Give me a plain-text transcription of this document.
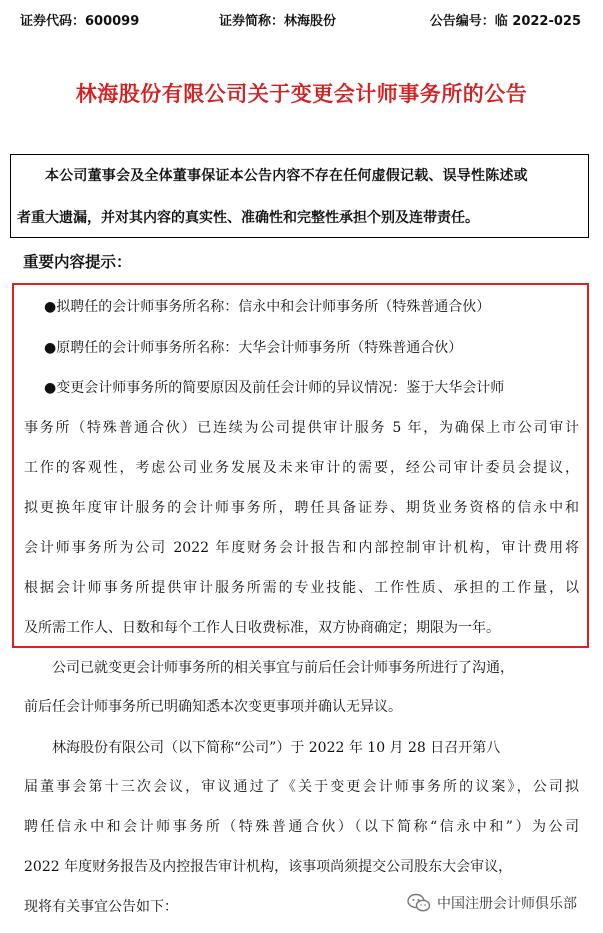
证券代码：600099	证券简称：林海股份	公告编号：临 2022-025
林海股份有限公司关于变更会计师事务所的公告
本公司董事会及全体董事保证本公告内容不存在任何虚假记载、误导性陈述或
者重大遗漏，并对其内容的真实性、准确性和完整性承担个别及连带责任。
重要内容提示：
●拟聘任的会计师事务所名称：信永中和会计师事务所（特殊普通合伙）
●原聘任的会计师事务所名称：大华会计师事务所（特殊普通合伙）
●变更会计师事务所的简要原因及前任会计师的异议情况：鉴于大华会计师
事务所（特殊普通合伙）已连续为公司提供审计服务 5 年，为确保上市公司审计
工作的客观性，考虑公司业务发展及未来审计的需要，经公司审计委员会提议，
拟更换年度审计服务的会计师事务所，聘任具备证券、期货业务资格的信永中和
会计师事务所为公司 2022 年度财务会计报告和内部控制审计机构，审计费用将
根据会计师事务所提供审计服务所需的专业技能、工作性质、承担的工作量，以
及所需工作人、日数和每个工作人日收费标准，双方协商确定；期限为一年。
公司已就变更会计师事务所的相关事宜与前后任会计师事务所进行了沟通，
前后任会计师事务所已明确知悉本次变更事项并确认无异议。
林海股份有限公司（以下简称“公司”）于 2022 年 10 月 28 日召开第八
届董事会第十三次会议，审议通过了《关于变更会计师事务所的议案》，公司拟
聘任信永中和会计师事务所（特殊普通合伙）（以下简称“信永中和”）为公司
2022 年度财务报告及内控报告审计机构，该事项尚须提交公司股东大会审议，
现将有关事宜公告如下：	中国注册会计师俱乐部
